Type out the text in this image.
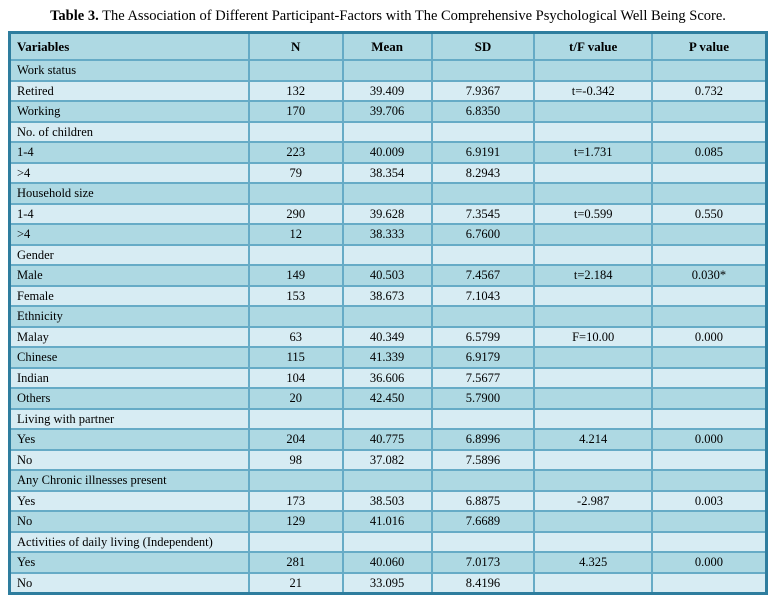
Table 3. The Association of Different Participant-Factors with The Comprehensive Psychological Well Being Score.
Variables	N	Mean	SD	t/F value	P value
Work status					
Retired	132	39.409	7.9367	t=-0.342	0.732
Working	170	39.706	6.8350		
No. of children					
1-4	223	40.009	6.9191	t=1.731	0.085
>4	79	38.354	8.2943		
Household size					
1-4	290	39.628	7.3545	t=0.599	0.550
>4	12	38.333	6.7600		
Gender					
Male	149	40.503	7.4567	t=2.184	0.030*
Female	153	38.673	7.1043		
Ethnicity					
Malay	63	40.349	6.5799	F=10.00	0.000
Chinese	115	41.339	6.9179		
Indian	104	36.606	7.5677		
Others	20	42.450	5.7900		
Living with partner					
Yes	204	40.775	6.8996	4.214	0.000
No	98	37.082	7.5896		
Any Chronic illnesses present					
Yes	173	38.503	6.8875	-2.987	0.003
No	129	41.016	7.6689		
Activities of daily living (Independent)					
Yes	281	40.060	7.0173	4.325	0.000
No	21	33.095	8.4196		
